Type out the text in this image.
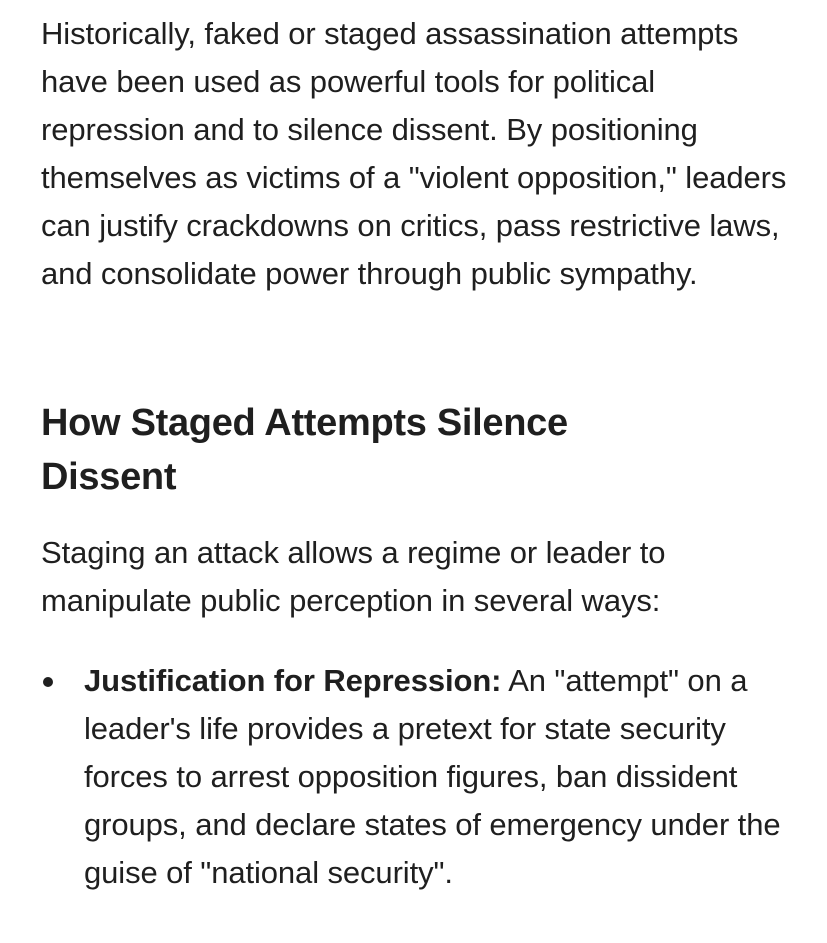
Historically, faked or staged assassination attempts have been used as powerful tools for political repression and to silence dissent. By positioning themselves as victims of a "violent opposition," leaders can justify crackdowns on critics, pass restrictive laws, and consolidate power through public sympathy.

How Staged Attempts Silence Dissent

Staging an attack allows a regime or leader to manipulate public perception in several ways:

Justification for Repression: An "attempt" on a leader's life provides a pretext for state security forces to arrest opposition figures, ban dissident groups, and declare states of emergency under the guise of "national security".
